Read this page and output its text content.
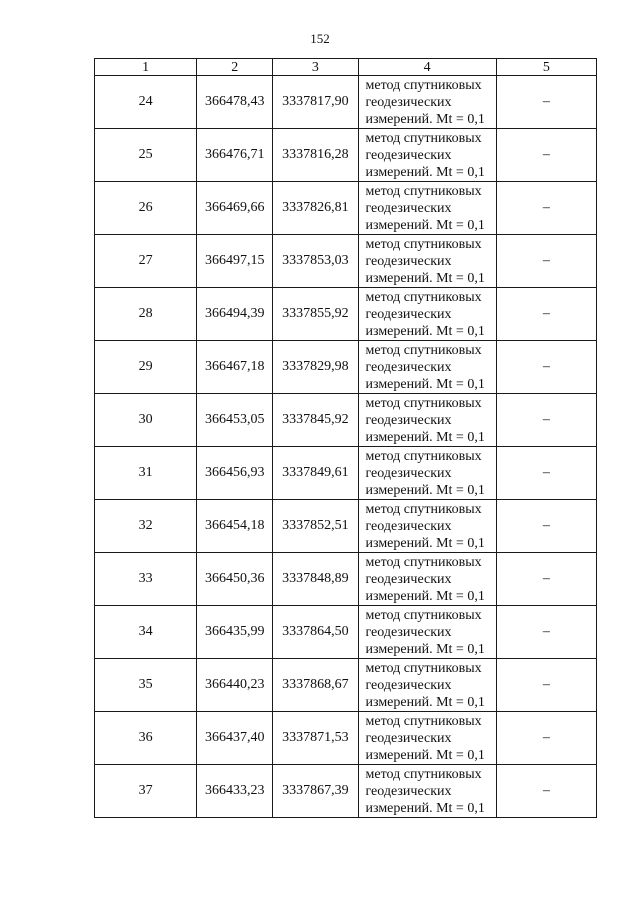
152
1	2	3	4	5
24	366478,43	3337817,90	метод спутниковых
геодезических
измерений. Mt = 0,1	–
25	366476,71	3337816,28	метод спутниковых
геодезических
измерений. Mt = 0,1	–
26	366469,66	3337826,81	метод спутниковых
геодезических
измерений. Mt = 0,1	–
27	366497,15	3337853,03	метод спутниковых
геодезических
измерений. Mt = 0,1	–
28	366494,39	3337855,92	метод спутниковых
геодезических
измерений. Mt = 0,1	–
29	366467,18	3337829,98	метод спутниковых
геодезических
измерений. Mt = 0,1	–
30	366453,05	3337845,92	метод спутниковых
геодезических
измерений. Mt = 0,1	–
31	366456,93	3337849,61	метод спутниковых
геодезических
измерений. Mt = 0,1	–
32	366454,18	3337852,51	метод спутниковых
геодезических
измерений. Mt = 0,1	–
33	366450,36	3337848,89	метод спутниковых
геодезических
измерений. Mt = 0,1	–
34	366435,99	3337864,50	метод спутниковых
геодезических
измерений. Mt = 0,1	–
35	366440,23	3337868,67	метод спутниковых
геодезических
измерений. Mt = 0,1	–
36	366437,40	3337871,53	метод спутниковых
геодезических
измерений. Mt = 0,1	–
37	366433,23	3337867,39	метод спутниковых
геодезических
измерений. Mt = 0,1	–
